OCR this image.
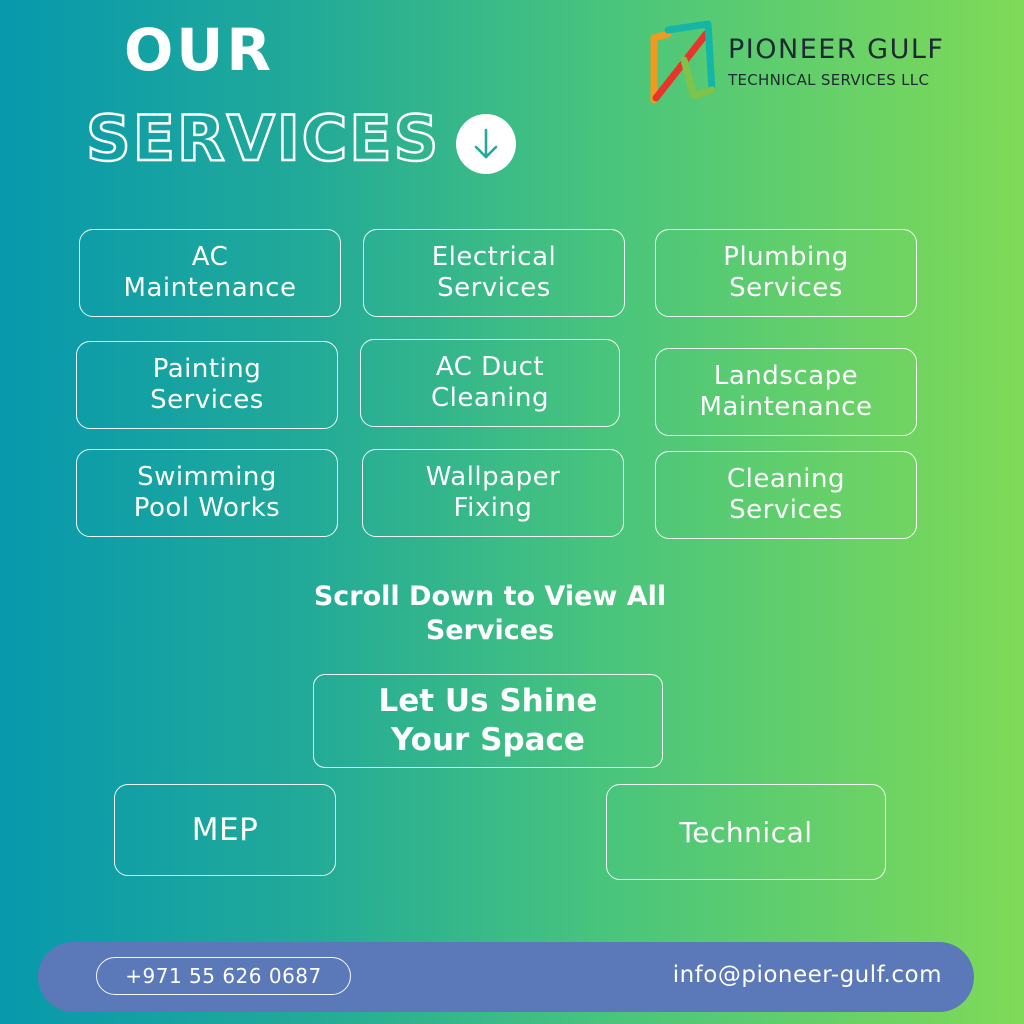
OUR
SERVICES
PIONEER GULF
TECHNICAL SERVICES LLC
AC
Maintenance
Electrical
Services
Plumbing
Services
Painting
Services
AC Duct
Cleaning
Landscape
Maintenance
Swimming
Pool Works
Wallpaper
Fixing
Cleaning
Services

Scroll Down to View All Services

Let Us Shine Your Space
MEP	Technical
+971 55 626 0687	info@pioneer-gulf.com
